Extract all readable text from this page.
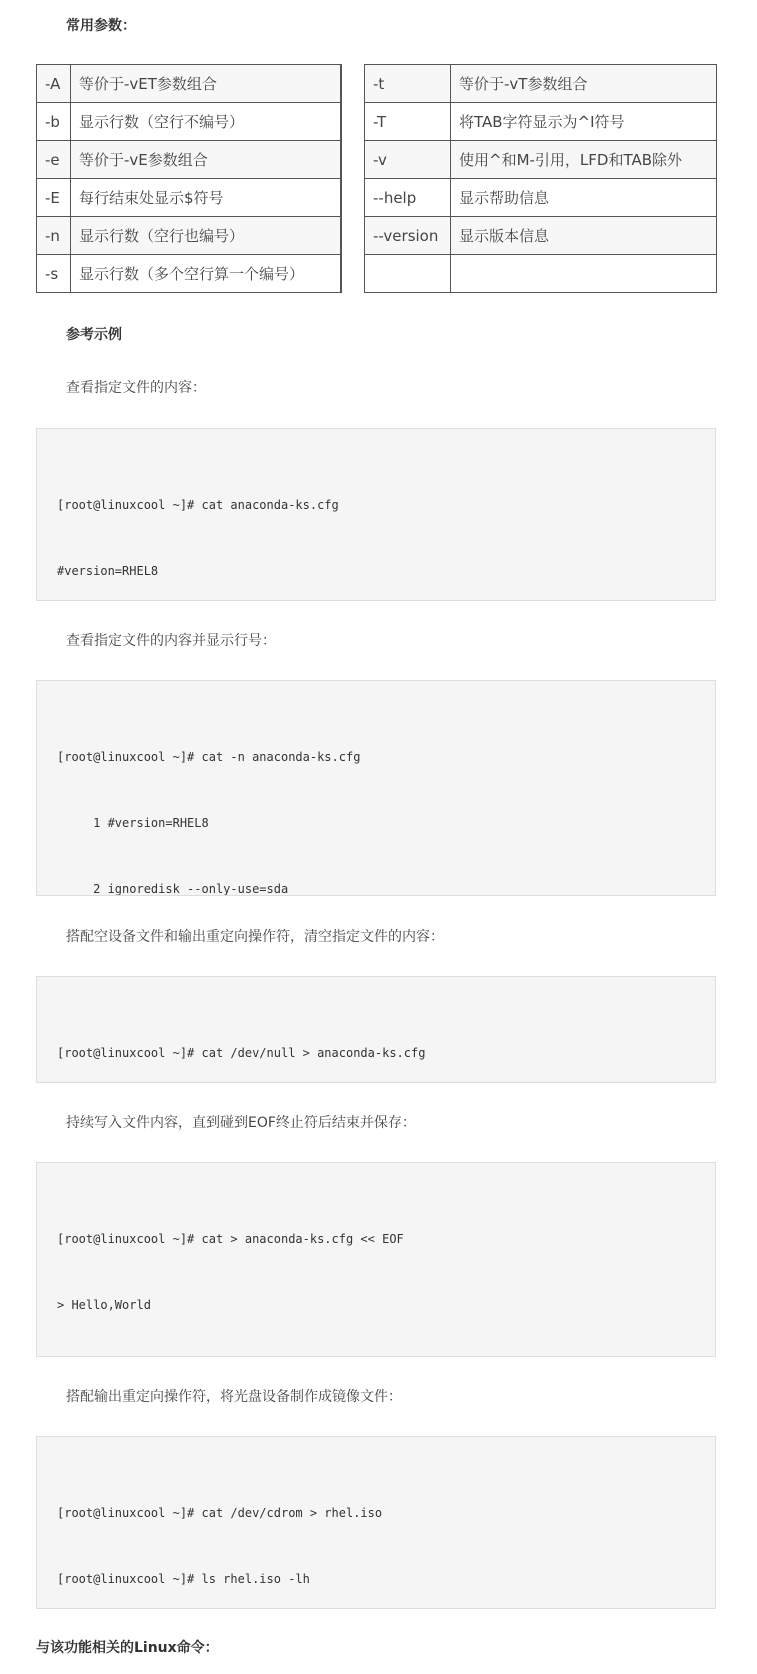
常用参数：

-A	等价于-vET参数组合		-t	等价于-vT参数组合
-b	显示行数（空行不编号）		-T	将TAB字符显示为^I符号
-e	等价于-vE参数组合		-v	使用^和M-引用，LFD和TAB除外
-E	每行结束处显示$符号		--help	显示帮助信息
-n	显示行数（空行也编号）		--version	显示版本信息
-s	显示行数（多个空行算一个编号）			

参考示例

查看指定文件的内容：

[root@linuxcool ~]# cat anaconda-ks.cfg

#version=RHEL8

查看指定文件的内容并显示行号：

[root@linuxcool ~]# cat -n anaconda-ks.cfg

1 #version=RHEL8

2 ignoredisk --only-use=sda

搭配空设备文件和输出重定向操作符，清空指定文件的内容：

[root@linuxcool ~]# cat /dev/null > anaconda-ks.cfg

持续写入文件内容，直到碰到EOF终止符后结束并保存：

[root@linuxcool ~]# cat > anaconda-ks.cfg << EOF

> Hello,World

搭配输出重定向操作符，将光盘设备制作成镜像文件：

[root@linuxcool ~]# cat /dev/cdrom > rhel.iso

[root@linuxcool ~]# ls rhel.iso -lh

与该功能相关的Linux命令：
